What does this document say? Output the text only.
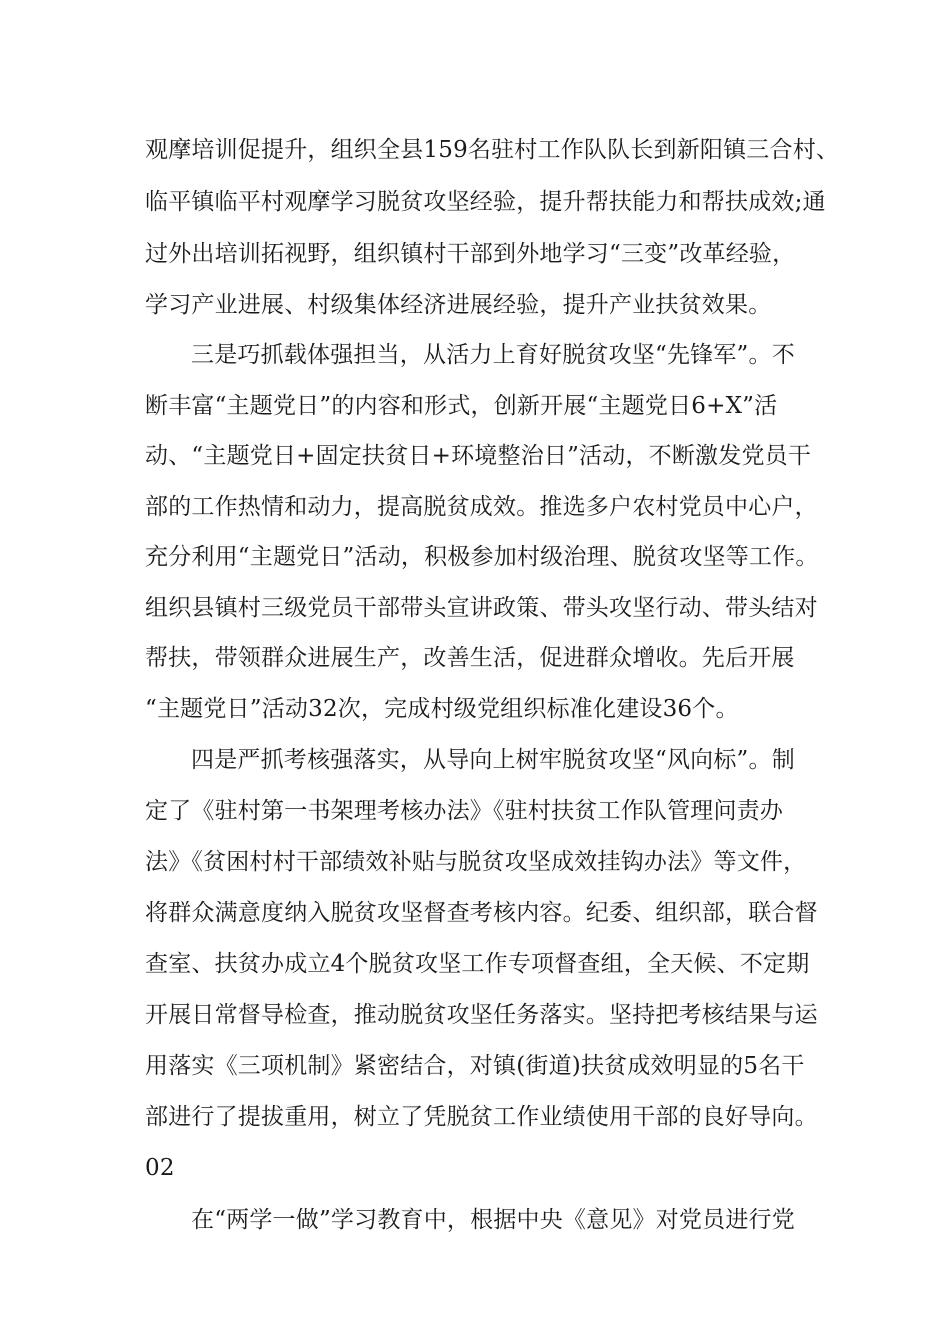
观摩培训促提升，组织全县159名驻村工作队队长到新阳镇三合村、
临平镇临平村观摩学习脱贫攻坚经验，提升帮扶能力和帮扶成效;通
过外出培训拓视野，组织镇村干部到外地学习“三变”改革经验，
学习产业进展、村级集体经济进展经验，提升产业扶贫效果。
三是巧抓载体强担当，从活力上育好脱贫攻坚“先锋军”。不
断丰富“主题党日”的内容和形式，创新开展“主题党日6+X”活
动、“主题党日+固定扶贫日+环境整治日”活动，不断激发党员干
部的工作热情和动力，提高脱贫成效。推选多户农村党员中心户，
充分利用“主题党日”活动，积极参加村级治理、脱贫攻坚等工作。
组织县镇村三级党员干部带头宣讲政策、带头攻坚行动、带头结对
帮扶，带领群众进展生产，改善生活，促进群众增收。先后开展
“主题党日”活动32次，完成村级党组织标准化建设36个。
四是严抓考核强落实，从导向上树牢脱贫攻坚“风向标”。制
定了《驻村第一书架理考核办法》《驻村扶贫工作队管理问责办
法》《贫困村村干部绩效补贴与脱贫攻坚成效挂钩办法》等文件，
将群众满意度纳入脱贫攻坚督查考核内容。纪委、组织部，联合督
查室、扶贫办成立4个脱贫攻坚工作专项督查组，全天候、不定期
开展日常督导检查，推动脱贫攻坚任务落实。坚持把考核结果与运
用落实《三项机制》紧密结合，对镇(街道)扶贫成效明显的5名干
部进行了提拔重用，树立了凭脱贫工作业绩使用干部的良好导向。
02
在“两学一做”学习教育中，根据中央《意见》对党员进行党
